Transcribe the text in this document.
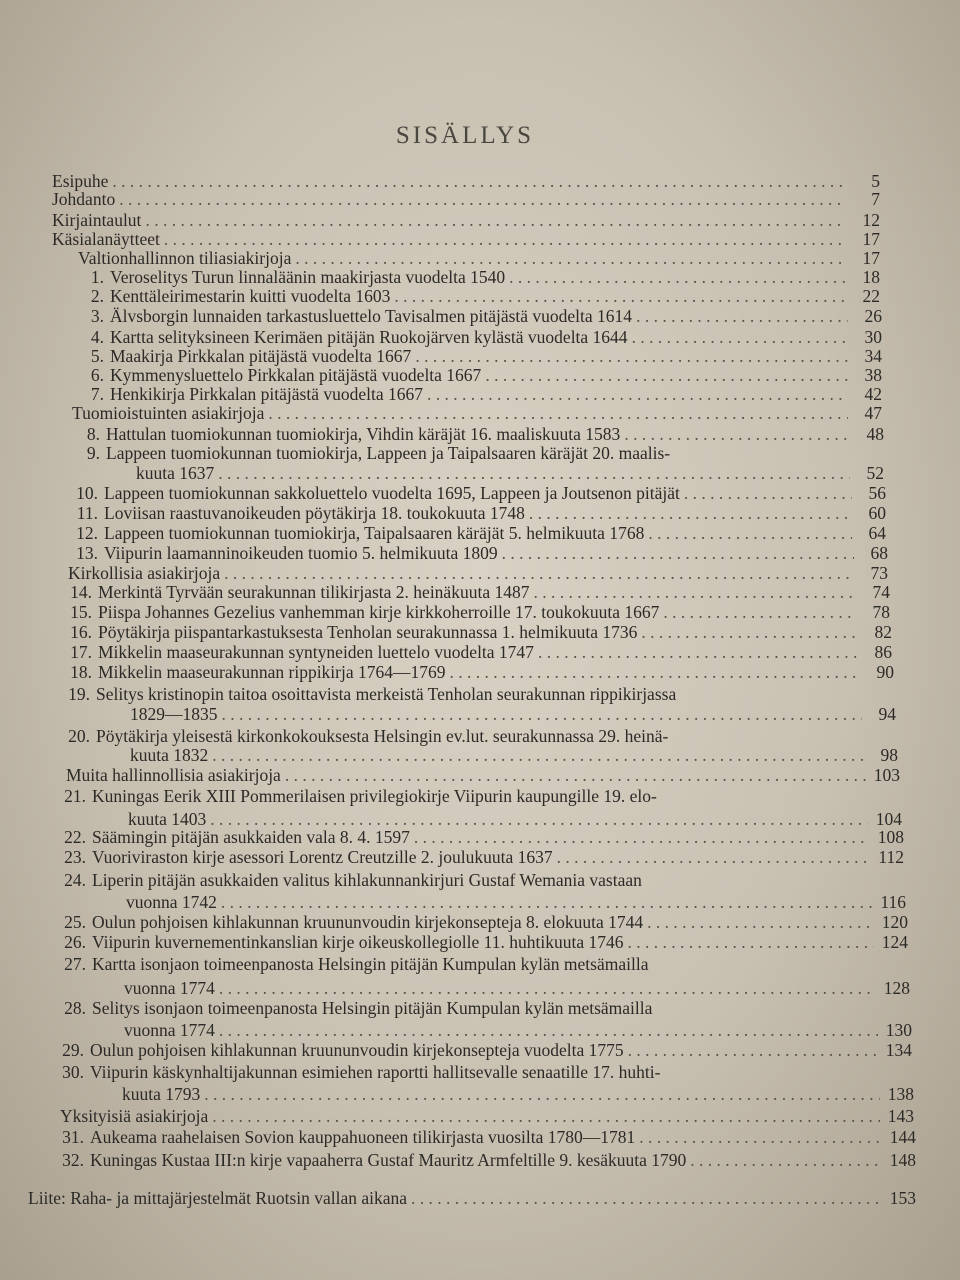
SISÄLLYS
Esipuhe . . .	5
Johdanto . . .	7
Kirjaintaulut . . .	12
Käsialanäytteet . . .	17
Valtionhallinnon tiliasiakirjoja . . .	17
1. Veroselitys Turun linnaläänin maakirjasta vuodelta 1540 . . .	18
2. Kenttäleirimestarin kuitti vuodelta 1603 . . .	22
3. Älvsborgin lunnaiden tarkastusluettelo Tavisalmen pitäjästä vuodelta 1614 . . .	26
4. Kartta selityksineen Kerimäen pitäjän Ruokojärven kylästä vuodelta 1644 . . .	30
5. Maakirja Pirkkalan pitäjästä vuodelta 1667 . . .	34
6. Kymmenysluettelo Pirkkalan pitäjästä vuodelta 1667 . . .	38
7. Henkikirja Pirkkalan pitäjästä vuodelta 1667 . . .	42
Tuomioistuinten asiakirjoja . . .	47
8. Hattulan tuomiokunnan tuomiokirja, Vihdin käräjät 16. maaliskuuta 1583 . . .	48
9. Lappeen tuomiokunnan tuomiokirja, Lappeen ja Taipalsaaren käräjät 20. maalis-
kuuta 1637 . . .	52
10. Lappeen tuomiokunnan sakkoluettelo vuodelta 1695, Lappeen ja Joutsenon pitäjät . . .	56
11. Loviisan raastuvanoikeuden pöytäkirja 18. toukokuuta 1748 . . .	60
12. Lappeen tuomiokunnan tuomiokirja, Taipalsaaren käräjät 5. helmikuuta 1768 . . .	64
13. Viipurin laamanninoikeuden tuomio 5. helmikuuta 1809 . . .	68
Kirkollisia asiakirjoja . . .	73
14. Merkintä Tyrvään seurakunnan tilikirjasta 2. heinäkuuta 1487 . . .	74
15. Piispa Johannes Gezelius vanhemman kirje kirkkoherroille 17. toukokuuta 1667 . . .	78
16. Pöytäkirja piispantarkastuksesta Tenholan seurakunnassa 1. helmikuuta 1736 . . .	82
17. Mikkelin maaseurakunnan syntyneiden luettelo vuodelta 1747 . . .	86
18. Mikkelin maaseurakunnan rippikirja 1764—1769 . . .	90
19. Selitys kristinopin taitoa osoittavista merkeistä Tenholan seurakunnan rippikirjassa
1829—1835 . . .	94
20. Pöytäkirja yleisestä kirkonkokouksesta Helsingin ev.lut. seurakunnassa 29. heinä-
kuuta 1832 . . .	98
Muita hallinnollisia asiakirjoja . . .	103
21. Kuningas Eerik XIII Pommerilaisen privilegiokirje Viipurin kaupungille 19. elo-
kuuta 1403 . . .	104
22. Säämingin pitäjän asukkaiden vala 8. 4. 1597 . . .	108
23. Vuoriviraston kirje asessori Lorentz Creutzille 2. joulukuuta 1637 . . .	112
24. Liperin pitäjän asukkaiden valitus kihlakunnankirjuri Gustaf Wemania vastaan
vuonna 1742 . . .	116
25. Oulun pohjoisen kihlakunnan kruununvoudin kirjekonsepteja 8. elokuuta 1744 . . .	120
26. Viipurin kuvernementinkanslian kirje oikeuskollegiolle 11. huhtikuuta 1746 . . .	124
27. Kartta isonjaon toimeenpanosta Helsingin pitäjän Kumpulan kylän metsämailla
vuonna 1774 . . .	128
28. Selitys isonjaon toimeenpanosta Helsingin pitäjän Kumpulan kylän metsämailla
vuonna 1774 . . .	130
29. Oulun pohjoisen kihlakunnan kruununvoudin kirjekonsepteja vuodelta 1775 . . .	134
30. Viipurin käskynhaltijakunnan esimiehen raportti hallitsevalle senaatille 17. huhti-
kuuta 1793 . . .	138
Yksityisiä asiakirjoja . . .	143
31. Aukeama raahelaisen Sovion kauppahuoneen tilikirjasta vuosilta 1780—1781 . . .	144
32. Kuningas Kustaa III:n kirje vapaaherra Gustaf Mauritz Armfeltille 9. kesäkuuta 1790 . . .	148
Liite: Raha- ja mittajärjestelmät Ruotsin vallan aikana . . .	153
